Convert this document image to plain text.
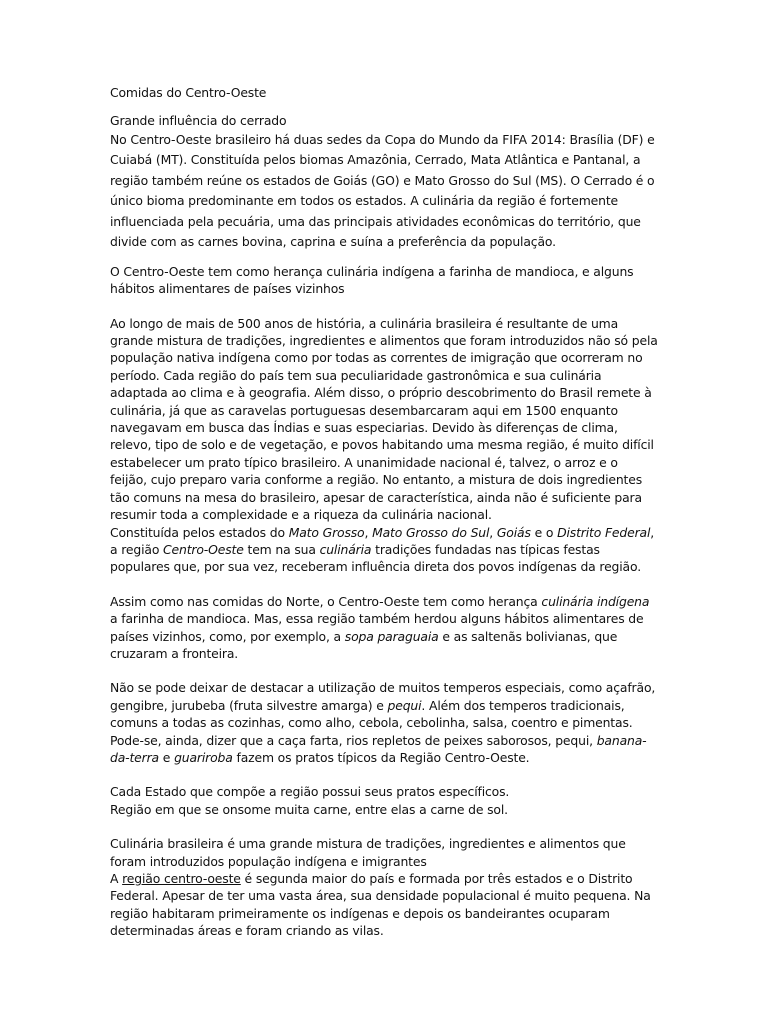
Comidas do Centro-Oeste

Grande influência do cerrado

No Centro-Oeste brasileiro há duas sedes da Copa do Mundo da FIFA 2014: Brasília (DF) e Cuiabá (MT). Constituída pelos biomas Amazônia, Cerrado, Mata Atlântica e Pantanal, a região também reúne os estados de Goiás (GO) e Mato Grosso do Sul (MS). O Cerrado é o único bioma predominante em todos os estados. A culinária da região é fortemente influenciada pela pecuária, uma das principais atividades econômicas do território, que divide com as carnes bovina, caprina e suína a preferência da população.

O Centro-Oeste tem como herança culinária indígena a farinha de mandioca, e alguns hábitos alimentares de países vizinhos

Ao longo de mais de 500 anos de história, a culinária brasileira é resultante de uma grande mistura de tradições, ingredientes e alimentos que foram introduzidos não só pela população nativa indígena como por todas as correntes de imigração que ocorreram no período. Cada região do país tem sua peculiaridade gastronômica e sua culinária adaptada ao clima e à geografia. Além disso, o próprio descobrimento do Brasil remete à culinária, já que as caravelas portuguesas desembarcaram aqui em 1500 enquanto navegavam em busca das Índias e suas especiarias. Devido às diferenças de clima, relevo, tipo de solo e de vegetação, e povos habitando uma mesma região, é muito difícil estabelecer um prato típico brasileiro. A unanimidade nacional é, talvez, o arroz e o feijão, cujo preparo varia conforme a região. No entanto, a mistura de dois ingredientes tão comuns na mesa do brasileiro, apesar de característica, ainda não é suficiente para resumir toda a complexidade e a riqueza da culinária nacional.

Constituída pelos estados do Mato Grosso, Mato Grosso do Sul, Goiás e o Distrito Federal, a região Centro-Oeste tem na sua culinária tradições fundadas nas típicas festas populares que, por sua vez, receberam influência direta dos povos indígenas da região.

Assim como nas comidas do Norte, o Centro-Oeste tem como herança culinária indígena a farinha de mandioca. Mas, essa região também herdou alguns hábitos alimentares de países vizinhos, como, por exemplo, a sopa paraguaia e as saltenãs bolivianas, que cruzaram a fronteira.

Não se pode deixar de destacar a utilização de muitos temperos especiais, como açafrão, gengibre, jurubeba (fruta silvestre amarga) e pequi. Além dos temperos tradicionais, comuns a todas as cozinhas, como alho, cebola, cebolinha, salsa, coentro e pimentas. Pode-se, ainda, dizer que a caça farta, rios repletos de peixes saborosos, pequi, banana-da-terra e guariroba fazem os pratos típicos da Região Centro-Oeste.

Cada Estado que compõe a região possui seus pratos específicos.

Região em que se onsome muita carne, entre elas a carne de sol.

Culinária brasileira é uma grande mistura de tradições, ingredientes e alimentos que foram introduzidos população indígena e imigrantes

A região centro-oeste é segunda maior do país e formada por três estados e o Distrito Federal. Apesar de ter uma vasta área, sua densidade populacional é muito pequena. Na região habitaram primeiramente os indígenas e depois os bandeirantes ocuparam determinadas áreas e foram criando as vilas.
